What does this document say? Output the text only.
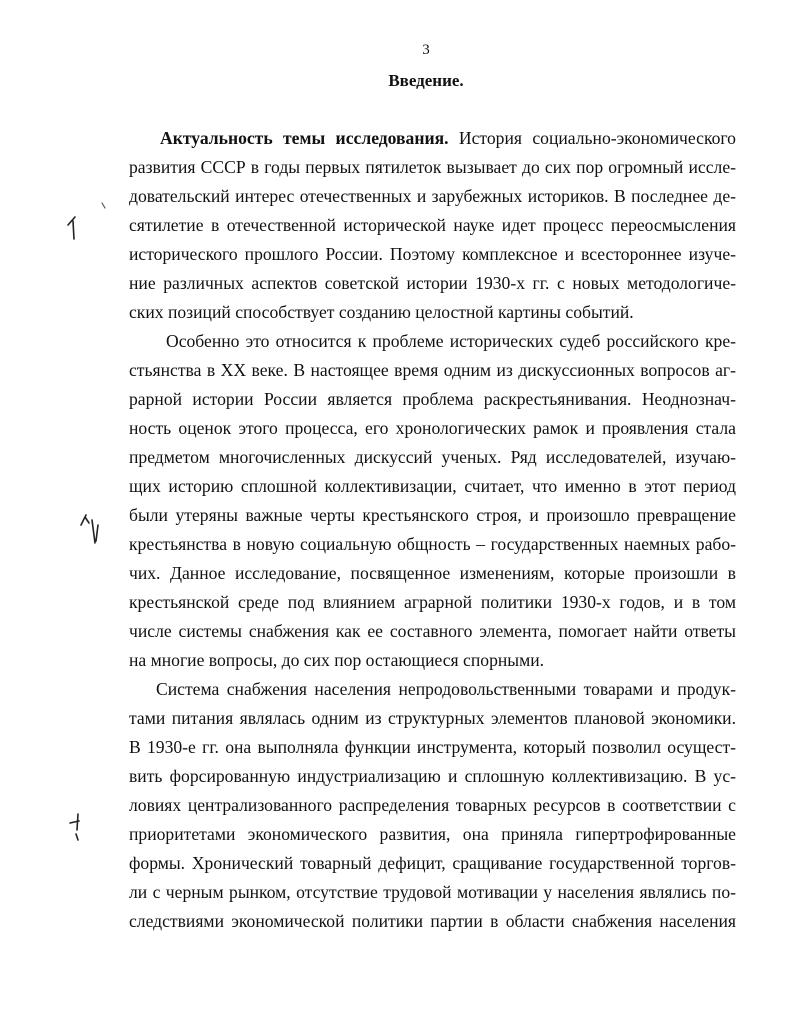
3
Введение.
Актуальность темы исследования. История социально-экономического
развития СССР в годы первых пятилеток вызывает до сих пор огромный иссле-
довательский интерес отечественных и зарубежных историков. В последнее де-
сятилетие в отечественной исторической науке идет процесс переосмысления
исторического прошлого России. Поэтому комплексное и всестороннее изуче-
ние различных аспектов советской истории 1930-х гг. с новых методологиче-
ских позиций способствует созданию целостной картины событий.
Особенно это относится к проблеме исторических судеб российского кре-
стьянства в XX веке. В настоящее время одним из дискуссионных вопросов аг-
рарной истории России является проблема раскрестьянивания. Неоднознач-
ность оценок этого процесса, его хронологических рамок и проявления стала
предметом многочисленных дискуссий ученых. Ряд исследователей, изучаю-
щих историю сплошной коллективизации, считает, что именно в этот период
были утеряны важные черты крестьянского строя, и произошло превращение
крестьянства в новую социальную общность – государственных наемных рабо-
чих. Данное исследование, посвященное изменениям, которые произошли в
крестьянской среде под влиянием аграрной политики 1930-х годов, и в том
числе системы снабжения как ее составного элемента, помогает найти ответы
на многие вопросы, до сих пор остающиеся спорными.
Система снабжения населения непродовольственными товарами и продук-
тами питания являлась одним из структурных элементов плановой экономики.
В 1930-е гг. она выполняла функции инструмента, который позволил осущест-
вить форсированную индустриализацию и сплошную коллективизацию. В ус-
ловиях централизованного распределения товарных ресурсов в соответствии с
приоритетами экономического развития, она приняла гипертрофированные
формы. Хронический товарный дефицит, сращивание государственной торгов-
ли с черным рынком, отсутствие трудовой мотивации у населения являлись по-
следствиями экономической политики партии в области снабжения населения
